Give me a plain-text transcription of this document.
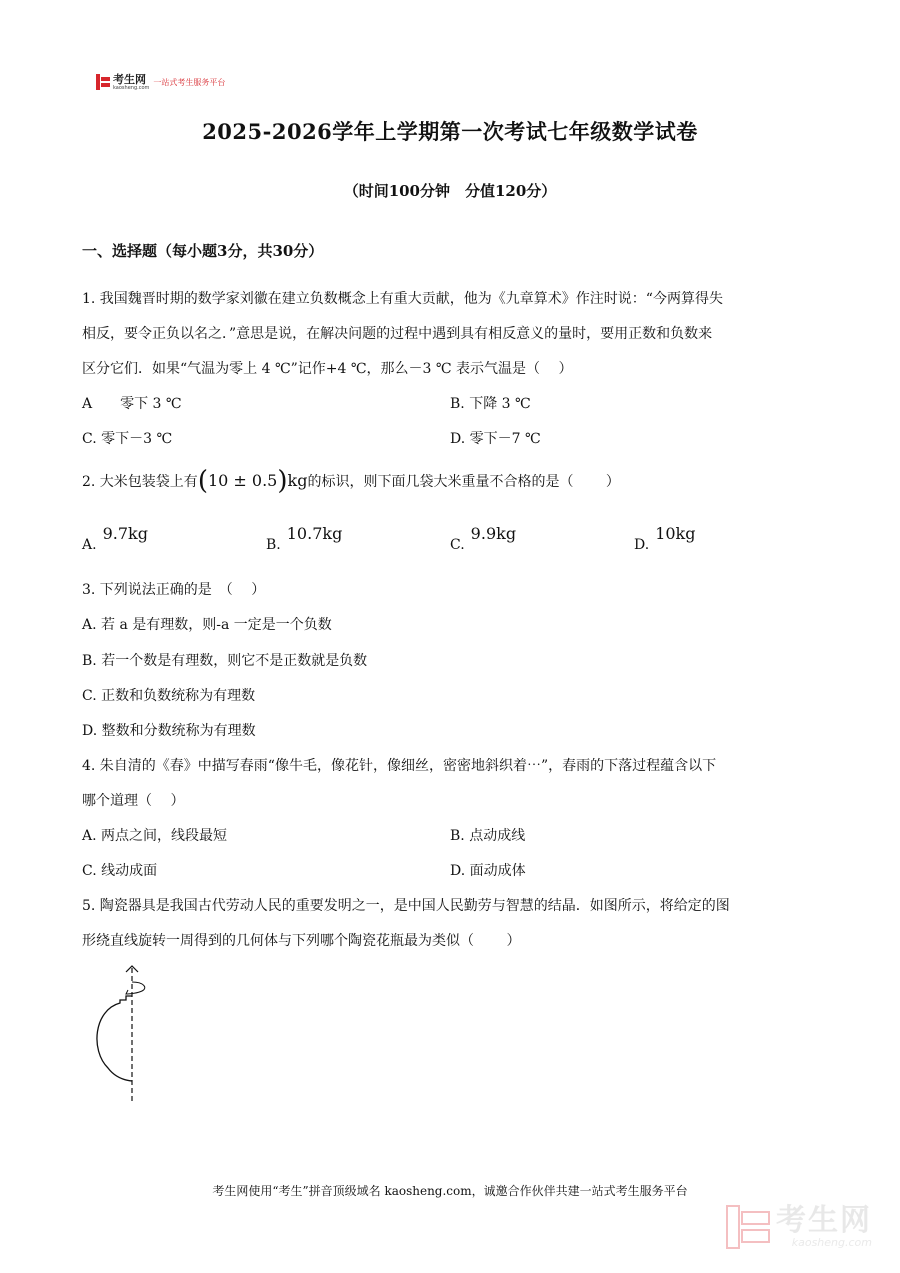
考生网
kaosheng.com
一站式考生服务平台
2025-2026学年上学期第一次考试七年级数学试卷
（时间100分钟　分值120分）
一、选择题（每小题3分，共30分）
1. 我国魏晋时期的数学家刘徽在建立负数概念上有重大贡献，他为《九章算术》作注时说：“今两算得失
相反，要令正负以名之．”意思是说，在解决问题的过程中遇到具有相反意义的量时，要用正数和负数来
区分它们．如果“气温为零上 4 ℃”记作+4 ℃，那么－3 ℃ 表示气温是（　 ）
A　　零下 3 ℃	B. 下降 3 ℃
C. 零下－3 ℃	D. 零下－7 ℃
2. 大米包装袋上有(10 ± 0.5)kg的标识，则下面几袋大米重量不合格的是（　　 ）
A.9.7kg
B.10.7kg
C.9.9kg
D.10kg
3. 下列说法正确的是　（　 ）
A. 若 a 是有理数，则-a 一定是一个负数
B. 若一个数是有理数，则它不是正数就是负数
C. 正数和负数统称为有理数
D. 整数和分数统称为有理数
4. 朱自清的《春》中描写春雨“像牛毛，像花针，像细丝，密密地斜织着⋯”，春雨的下落过程蕴含以下
哪个道理（　 ）
A. 两点之间，线段最短	B. 点动成线
C. 线动成面	D. 面动成体
5. 陶瓷器具是我国古代劳动人民的重要发明之一，是中国人民勤劳与智慧的结晶．如图所示，将给定的图
形绕直线旋转一周得到的几何体与下列哪个陶瓷花瓶最为类似（　　 ）
考生网使用“考生”拼音顶级域名 kaosheng.com，诚邀合作伙伴共建一站式考生服务平台
考生网
kaosheng.com
